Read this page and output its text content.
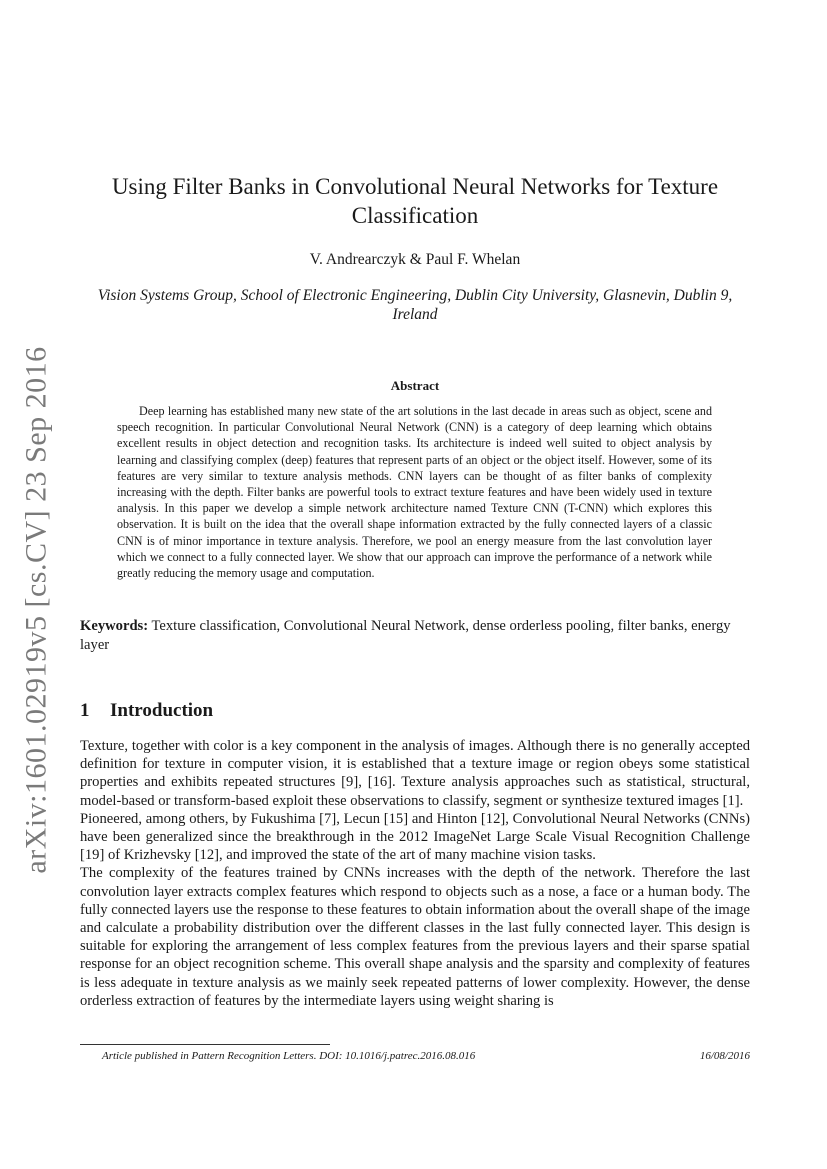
arXiv:1601.02919v5 [cs.CV] 23 Sep 2016
Using Filter Banks in Convolutional Neural Networks for Texture Classification
V. Andrearczyk & Paul F. Whelan
Vision Systems Group, School of Electronic Engineering, Dublin City University, Glasnevin, Dublin 9, Ireland
Abstract

Deep learning has established many new state of the art solutions in the last decade in areas such as object, scene and speech recognition. In particular Convolutional Neural Network (CNN) is a category of deep learning which obtains excellent results in object detection and recognition tasks. Its architecture is indeed well suited to object analysis by learning and classifying complex (deep) features that represent parts of an object or the object itself. However, some of its features are very similar to texture analysis methods. CNN layers can be thought of as filter banks of complexity increasing with the depth. Filter banks are powerful tools to extract texture features and have been widely used in texture analysis. In this paper we develop a simple network architecture named Texture CNN (T-CNN) which explores this observation. It is built on the idea that the overall shape information extracted by the fully connected layers of a classic CNN is of minor importance in texture analysis. Therefore, we pool an energy measure from the last convolution layer which we connect to a fully connected layer. We show that our approach can improve the performance of a network while greatly reducing the memory usage and computation.

Keywords: Texture classification, Convolutional Neural Network, dense orderless pooling, filter banks, energy layer

1 Introduction

Texture, together with color is a key component in the analysis of images. Although there is no generally accepted definition for texture in computer vision, it is established that a texture image or region obeys some statistical properties and exhibits repeated structures [9], [16]. Texture analysis approaches such as statistical, structural, model-based or transform-based exploit these observations to classify, segment or synthesize textured images [1].

Pioneered, among others, by Fukushima [7], Lecun [15] and Hinton [12], Convolutional Neural Networks (CNNs) have been generalized since the breakthrough in the 2012 ImageNet Large Scale Visual Recognition Challenge [19] of Krizhevsky [12], and improved the state of the art of many machine vision tasks.

The complexity of the features trained by CNNs increases with the depth of the network. Therefore the last convolution layer extracts complex features which respond to objects such as a nose, a face or a human body. The fully connected layers use the response to these features to obtain information about the overall shape of the image and calculate a probability distribution over the different classes in the last fully connected layer. This design is suitable for exploring the arrangement of less complex features from the previous layers and their sparse spatial response for an object recognition scheme. This overall shape analysis and the sparsity and complexity of features is less adequate in texture analysis as we mainly seek repeated patterns of lower complexity. However, the dense orderless extraction of features by the intermediate layers using weight sharing is

Article published in Pattern Recognition Letters. DOI: 10.1016/j.patrec.2016.08.016	16/08/2016
